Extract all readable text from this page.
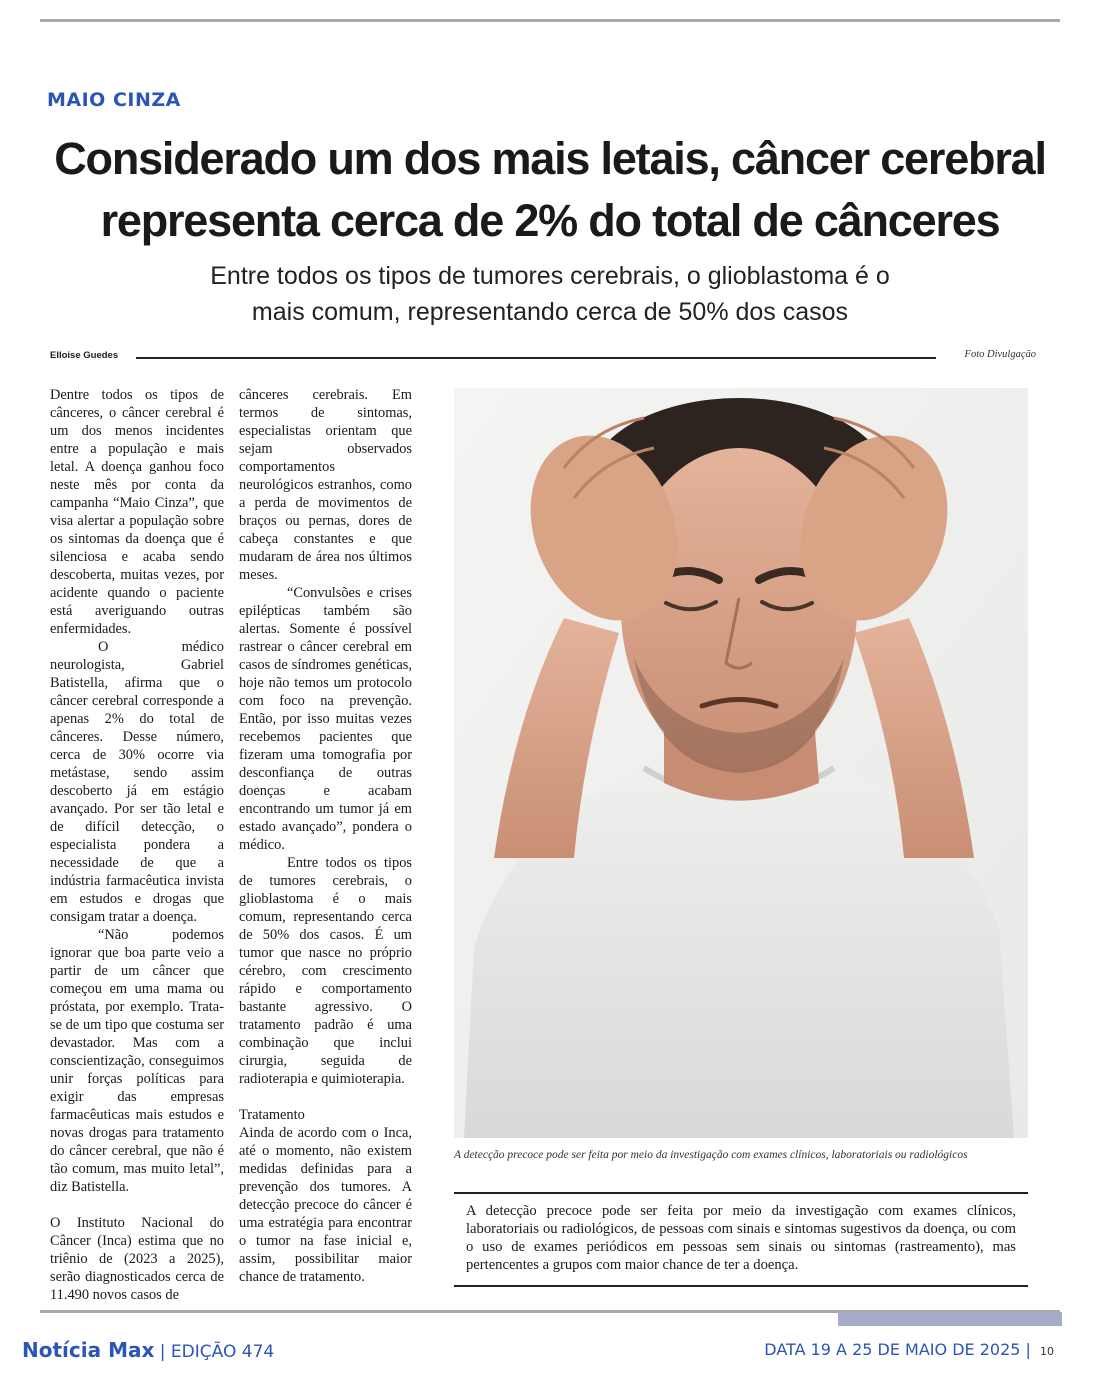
MAIO CINZA
Considerado um dos mais letais, câncer cerebral
representa cerca de 2% do total de cânceres
Entre todos os tipos de tumores cerebrais, o glioblastoma é o
mais comum, representando cerca de 50% dos casos
Elloise Guedes	Foto Divulgação

Dentre todos os tipos de cânceres, o câncer cerebral é um dos menos incidentes entre a população e mais letal. A doença ganhou foco neste mês por conta da campanha “Maio Cinza”, que visa alertar a população sobre os sintomas da doença que é silenciosa e acaba sendo descoberta, muitas vezes, por acidente quando o paciente está averiguando outras enfermidades.

O médico neurologista, Gabriel Batistella, afirma que o câncer cerebral corresponde a apenas 2% do total de cânceres. Desse número, cerca de 30% ocorre via metástase, sendo assim descoberto já em estágio avançado. Por ser tão letal e de difícil detecção, o especialista pondera a necessidade de que a indústria farmacêutica invista em estudos e drogas que consigam tratar a doença.

“Não podemos ignorar que boa parte veio a partir de um câncer que começou em uma mama ou próstata, por exemplo. Trata-se de um tipo que costuma ser devastador. Mas com a conscientização, conseguimos unir forças políticas para exigir das empresas farmacêuticas mais estudos e novas drogas para tratamento do câncer cerebral, que não é tão comum, mas muito letal”, diz Batistella.

O Instituto Nacional do Câncer (Inca) estima que no triênio de (2023 a 2025), serão diagnosticados cerca de 11.490 novos casos de

cânceres cerebrais. Em termos de sintomas, especialistas orientam que sejam observados comportamentos neurológicos estranhos, como a perda de movimentos de braços ou pernas, dores de cabeça constantes e que mudaram de área nos últimos meses.

“Convulsões e crises epilépticas também são alertas. Somente é possível rastrear o câncer cerebral em casos de síndromes genéticas, hoje não temos um protocolo com foco na prevenção. Então, por isso muitas vezes recebemos pacientes que fizeram uma tomografia por desconfiança de outras doenças e acabam encontrando um tumor já em estado avançado”, pondera o médico.

Entre todos os tipos de tumores cerebrais, o glioblastoma é o mais comum, representando cerca de 50% dos casos. É um tumor que nasce no próprio cérebro, com crescimento rápido e comportamento bastante agressivo. O tratamento padrão é uma combinação que inclui cirurgia, seguida de radioterapia e quimioterapia.

Tratamento

Ainda de acordo com o Inca, até o momento, não existem medidas definidas para a prevenção dos tumores. A detecção precoce do câncer é uma estratégia para encontrar o tumor na fase inicial e, assim, possibilitar maior chance de tratamento.

A detecção precoce pode ser feita por meio da investigação com exames clínicos, laboratoriais ou radiológicos
A detecção precoce pode ser feita por meio da investigação com exames clínicos, laboratoriais ou radiológicos, de pessoas com sinais e sintomas sugestivos da doença, ou com o uso de exames periódicos em pessoas sem sinais ou sintomas (rastreamento), mas pertencentes a grupos com maior chance de ter a doença.
Notícia Max | EDIÇÃO 474	DATA 19 A 25 DE MAIO DE 2025 | 10
